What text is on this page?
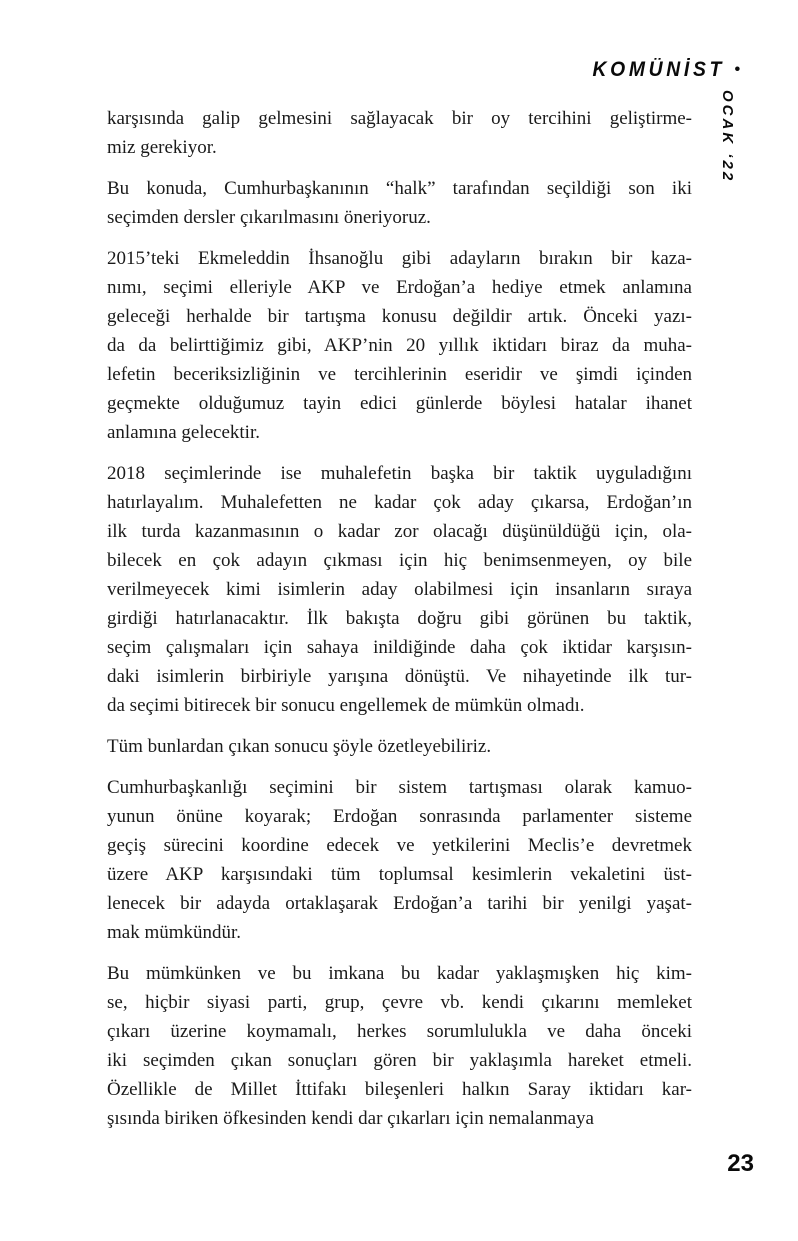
KOMÜNİST •
OCAK ‘22
karşısında galip gelmesini sağlayacak bir oy tercihini geliştirme-
miz gerekiyor.
Bu konuda, Cumhurbaşkanının “halk” tarafından seçildiği son iki
seçimden dersler çıkarılmasını öneriyoruz.
2015’teki Ekmeleddin İhsanoğlu gibi adayların bırakın bir kaza-
nımı, seçimi elleriyle AKP ve Erdoğan’a hediye etmek anlamına
geleceği herhalde bir tartışma konusu değildir artık. Önceki yazı-
da da belirttiğimiz gibi, AKP’nin 20 yıllık iktidarı biraz da muha-
lefetin beceriksizliğinin ve tercihlerinin eseridir ve şimdi içinden
geçmekte olduğumuz tayin edici günlerde böylesi hatalar ihanet
anlamına gelecektir.
2018 seçimlerinde ise muhalefetin başka bir taktik uyguladığını
hatırlayalım. Muhalefetten ne kadar çok aday çıkarsa, Erdoğan’ın
ilk turda kazanmasının o kadar zor olacağı düşünüldüğü için, ola-
bilecek en çok adayın çıkması için hiç benimsenmeyen, oy bile
verilmeyecek kimi isimlerin aday olabilmesi için insanların sıraya
girdiği hatırlanacaktır. İlk bakışta doğru gibi görünen bu taktik,
seçim çalışmaları için sahaya inildiğinde daha çok iktidar karşısın-
daki isimlerin birbiriyle yarışına dönüştü. Ve nihayetinde ilk tur-
da seçimi bitirecek bir sonucu engellemek de mümkün olmadı.
Tüm bunlardan çıkan sonucu şöyle özetleyebiliriz.
Cumhurbaşkanlığı seçimini bir sistem tartışması olarak kamuo-
yunun önüne koyarak; Erdoğan sonrasında parlamenter sisteme
geçiş sürecini koordine edecek ve yetkilerini Meclis’e devretmek
üzere AKP karşısındaki tüm toplumsal kesimlerin vekaletini üst-
lenecek bir adayda ortaklaşarak Erdoğan’a tarihi bir yenilgi yaşat-
mak mümkündür.
Bu mümkünken ve bu imkana bu kadar yaklaşmışken hiç kim-
se, hiçbir siyasi parti, grup, çevre vb. kendi çıkarını memleket
çıkarı üzerine koymamalı, herkes sorumlulukla ve daha önceki
iki seçimden çıkan sonuçları gören bir yaklaşımla hareket etmeli.
Özellikle de Millet İttifakı bileşenleri halkın Saray iktidarı kar-
şısında biriken öfkesinden kendi dar çıkarları için nemalanmaya
23
